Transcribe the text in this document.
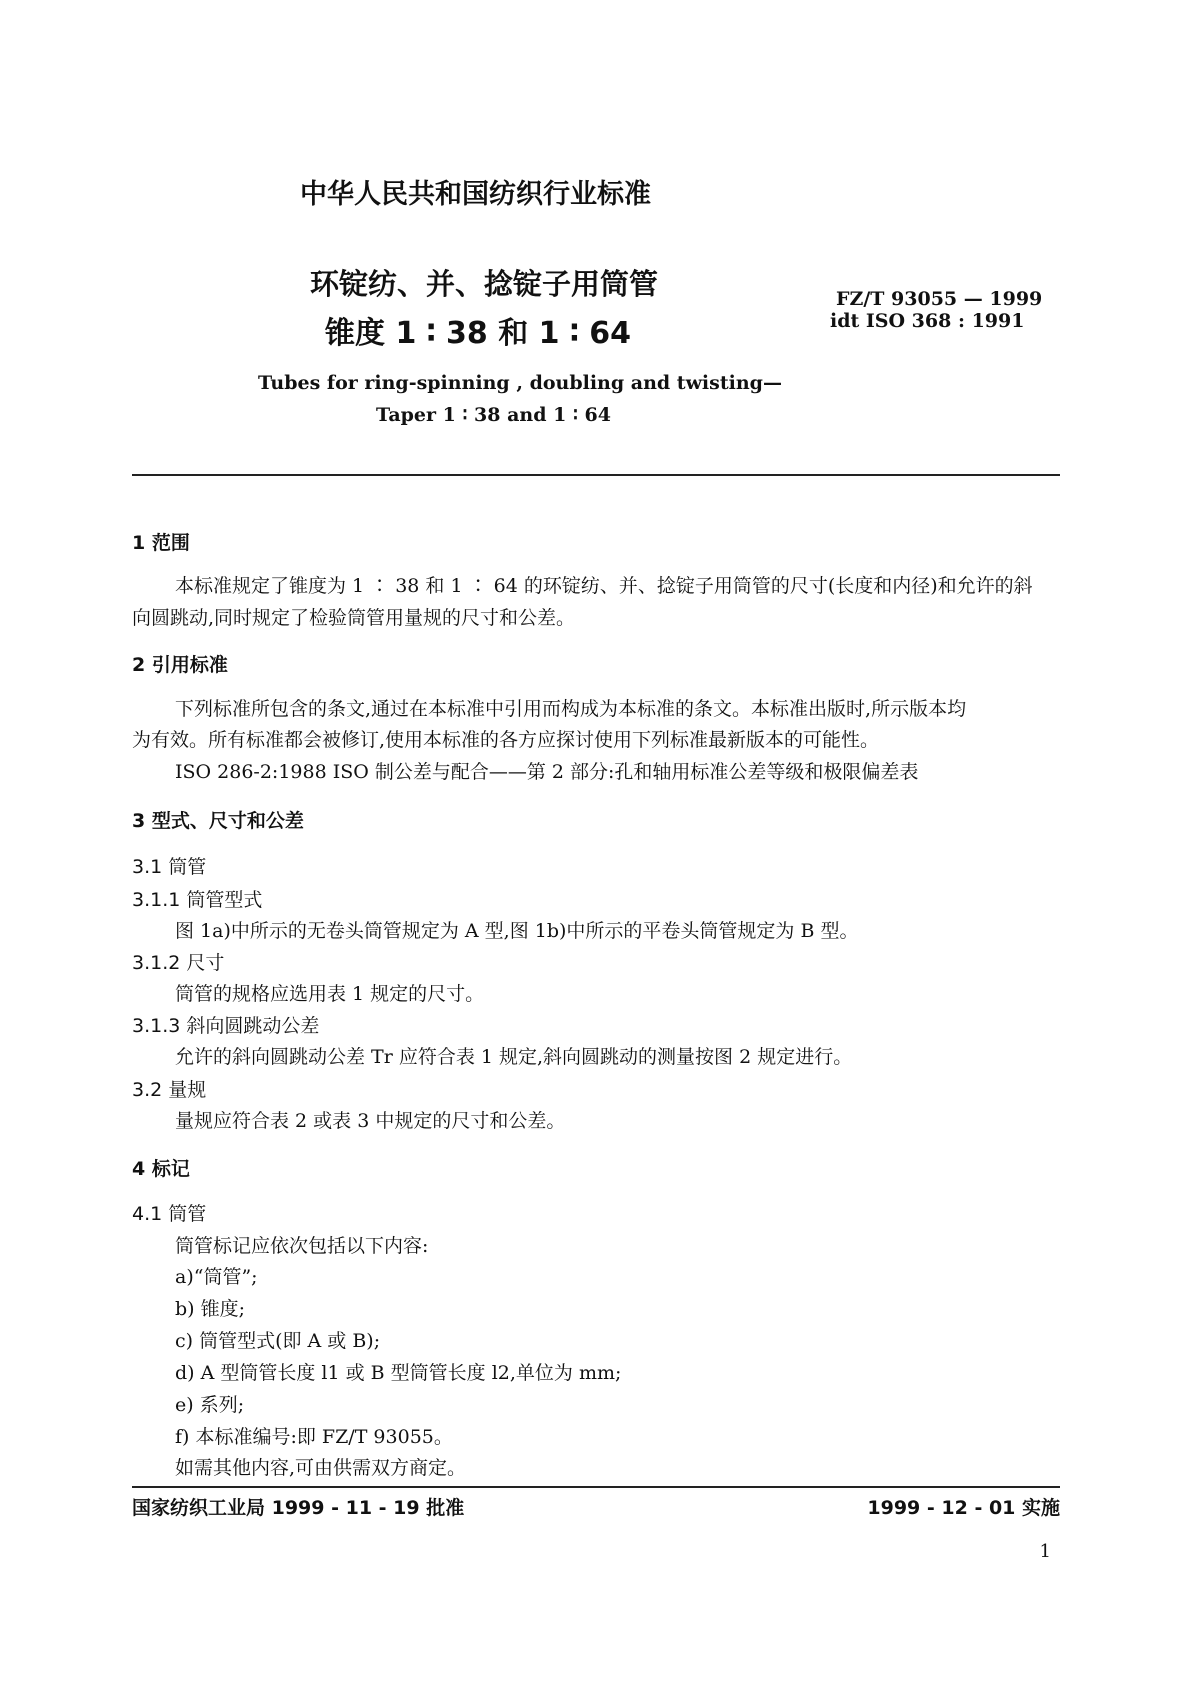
中华人民共和国纺织行业标准
环锭纺、并、捻锭子用筒管
锥度 1 ∶ 38 和 1 ∶ 64
FZ/T 93055 — 1999
idt ISO 368 : 1991
Tubes for ring-spinning , doubling and twisting—
Taper 1 ∶ 38 and 1 ∶ 64
1 范围
本标准规定了锥度为 1 ∶ 38 和 1 ∶ 64 的环锭纺、并、捻锭子用筒管的尺寸(长度和内径)和允许的斜
向圆跳动,同时规定了检验筒管用量规的尺寸和公差。
2 引用标准
下列标准所包含的条文,通过在本标准中引用而构成为本标准的条文。本标准出版时,所示版本均
为有效。所有标准都会被修订,使用本标准的各方应探讨使用下列标准最新版本的可能性。
ISO 286-2:1988 ISO 制公差与配合——第 2 部分:孔和轴用标准公差等级和极限偏差表
3 型式、尺寸和公差
3.1 筒管
3.1.1 筒管型式
图 1a)中所示的无卷头筒管规定为 A 型,图 1b)中所示的平卷头筒管规定为 B 型。
3.1.2 尺寸
筒管的规格应选用表 1 规定的尺寸。
3.1.3 斜向圆跳动公差
允许的斜向圆跳动公差 Tr 应符合表 1 规定,斜向圆跳动的测量按图 2 规定进行。
3.2 量规
量规应符合表 2 或表 3 中规定的尺寸和公差。
4 标记
4.1 筒管
筒管标记应依次包括以下内容:
a)“筒管”;
b) 锥度;
c) 筒管型式(即 A 或 B);
d) A 型筒管长度 l1 或 B 型筒管长度 l2,单位为 mm;
e) 系列;
f) 本标准编号:即 FZ/T 93055。
如需其他内容,可由供需双方商定。
国家纺织工业局 1999 - 11 - 19 批准	1999 - 12 - 01 实施
1
